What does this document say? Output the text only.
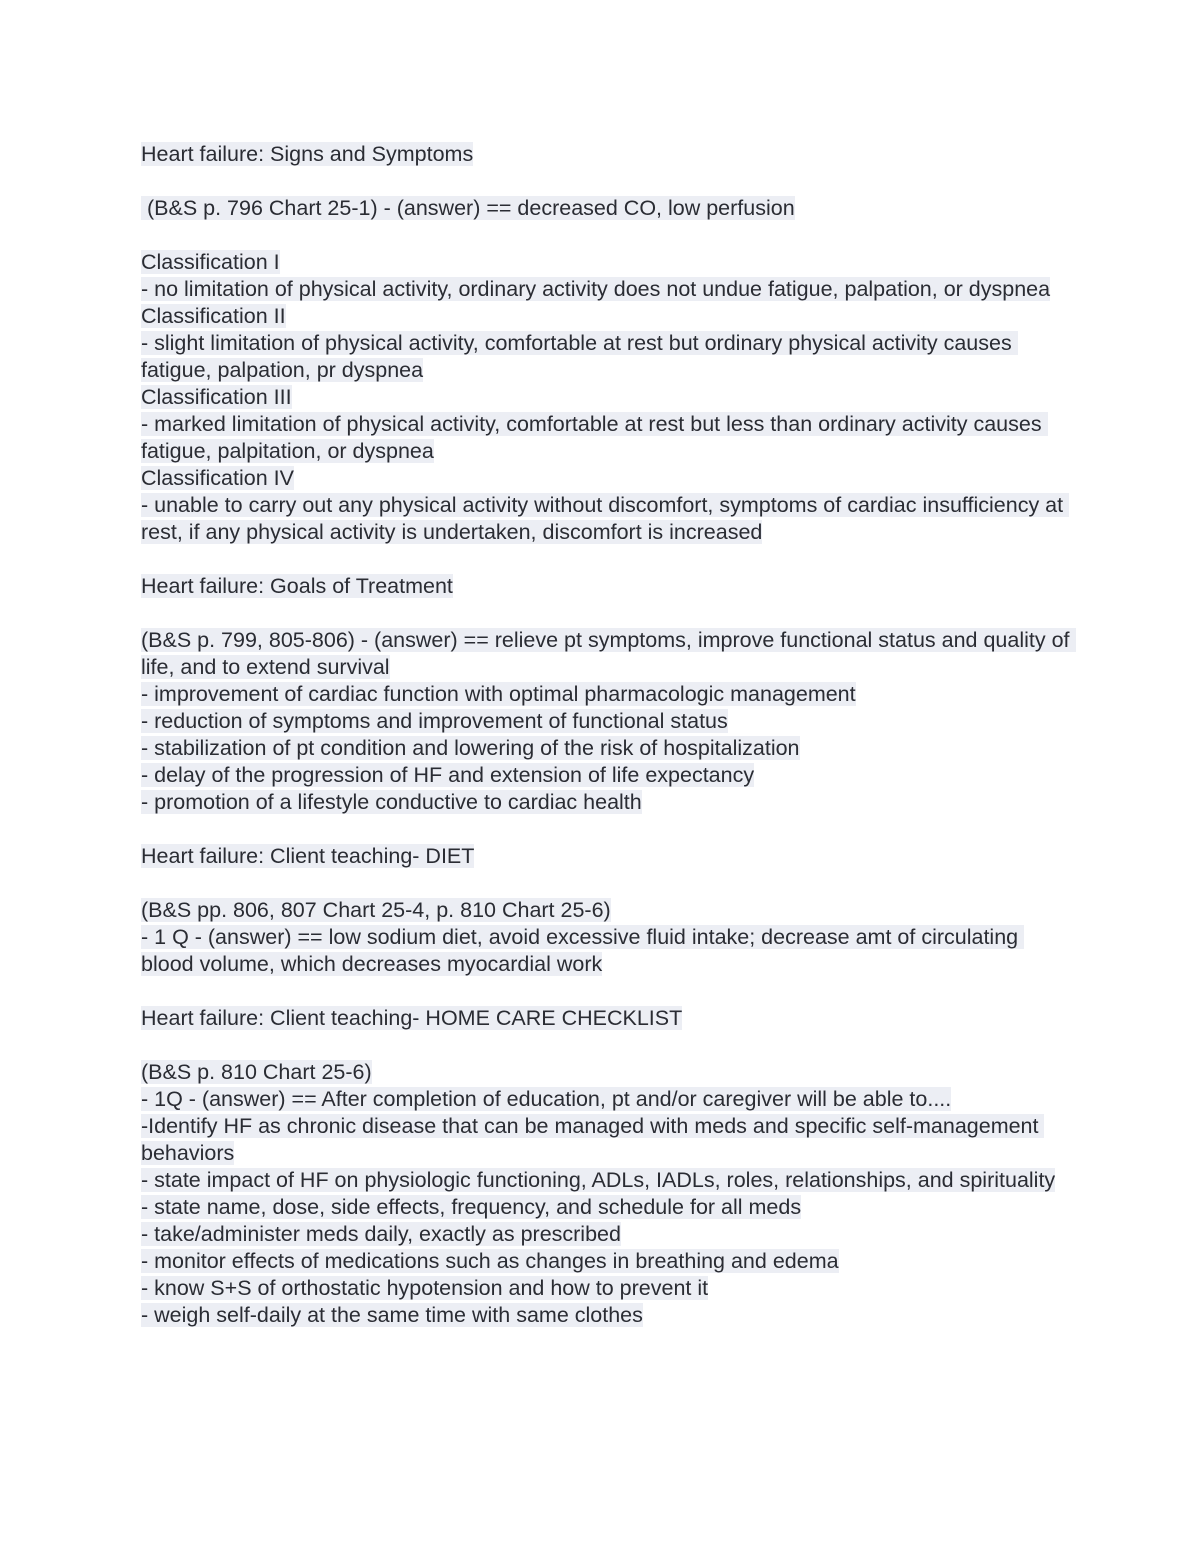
Heart failure: Signs and Symptoms
(B&S p. 796 Chart 25-1) - (answer) == decreased CO, low perfusion
Classification I
- no limitation of physical activity, ordinary activity does not undue fatigue, palpation, or dyspnea
Classification II
- slight limitation of physical activity, comfortable at rest but ordinary physical activity causes fatigue, palpation, pr dyspnea
Classification III
- marked limitation of physical activity, comfortable at rest but less than ordinary activity causes fatigue, palpitation, or dyspnea
Classification IV
- unable to carry out any physical activity without discomfort, symptoms of cardiac insufficiency at rest, if any physical activity is undertaken, discomfort is increased
Heart failure: Goals of Treatment
(B&S p. 799, 805-806) - (answer) == relieve pt symptoms, improve functional status and quality of life, and to extend survival
- improvement of cardiac function with optimal pharmacologic management
- reduction of symptoms and improvement of functional status
- stabilization of pt condition and lowering of the risk of hospitalization
- delay of the progression of HF and extension of life expectancy
- promotion of a lifestyle conductive to cardiac health
Heart failure: Client teaching- DIET
(B&S pp. 806, 807 Chart 25-4, p. 810 Chart 25-6)
- 1 Q - (answer) == low sodium diet, avoid excessive fluid intake; decrease amt of circulating blood volume, which decreases myocardial work
Heart failure: Client teaching- HOME CARE CHECKLIST
(B&S p. 810 Chart 25-6)
- 1Q - (answer) == After completion of education, pt and/or caregiver will be able to....
-Identify HF as chronic disease that can be managed with meds and specific self-management behaviors
- state impact of HF on physiologic functioning, ADLs, IADLs, roles, relationships, and spirituality
- state name, dose, side effects, frequency, and schedule for all meds
- take/administer meds daily, exactly as prescribed
- monitor effects of medications such as changes in breathing and edema
- know S+S of orthostatic hypotension and how to prevent it
- weigh self-daily at the same time with same clothes
